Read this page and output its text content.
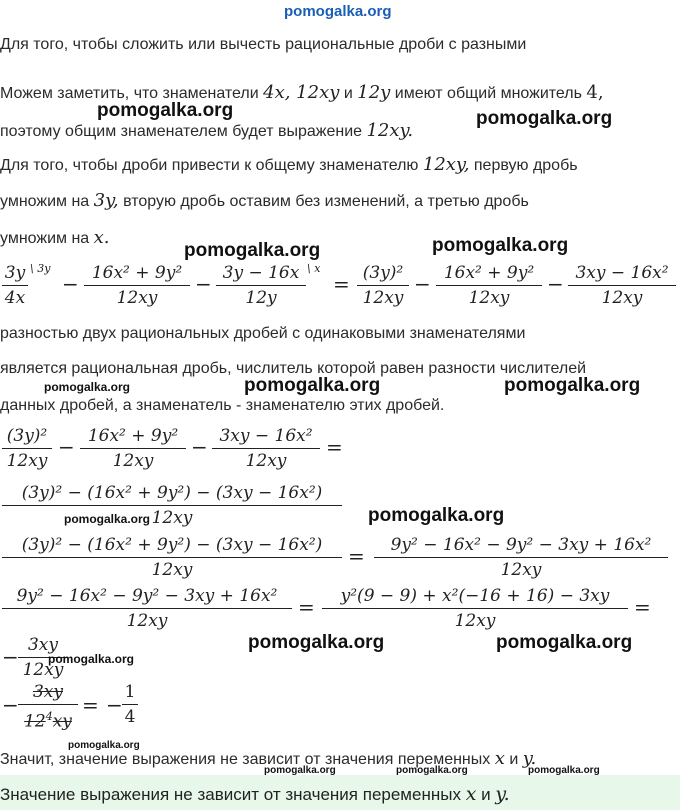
pomogalka.org
Для того, чтобы сложить или вычесть рациональные дроби с разными
Можем заметить, что знаменатели 4x, 12xy и 12y имеют общий множитель 4,
поэтому общим знаменателем будет выражение 12xy.
Для того, чтобы дроби привести к общему знаменателю 12xy, первую дробь
умножим на 3y, вторую дробь оставим без изменений, а третью дробь
умножим на x.
3y
4x
\ 3y
− 16x² + 9y²
12xy
− 3y − 16x
12y
\ x
= (3y)²
12xy
− 16x² + 9y²
12xy
− 3xy − 16x²
12xy
разностью двух рациональных дробей с одинаковыми знаменателями
является рациональная дробь, числитель которой равен разности числителей
данных дробей, а знаменатель - знаменателю этих дробей.
(3y)²
12xy
− 16x² + 9y²
12xy
− 3xy − 16x²
12xy
=
(3y)² − (16x² + 9y²) − (3xy − 16x²)
12xy
(3y)² − (16x² + 9y²) − (3xy − 16x²)
12xy
=	9y² − 16x² − 9y² − 3xy + 16x²
12xy
9y² − 16x² − 9y² − 3xy + 16x²
12xy
=	y²(9 − 9) + x²(−16 + 16) − 3xy
12xy
=
− 3xy
12xy
−
3xy
$12^4xy$
= −
1
4
Значит, значение выражения не зависит от значения переменных x и y.
Значение выражения не зависит от значения переменных x и y.
pomogalka.org	pomogalka.org
pomogalka.org	pomogalka.org
pomogalka.org	pomogalka.org	pomogalka.org
pomogalka.org	pomogalka.org
pomogalka.org	pomogalka.org
pomogalka.org
pomogalka.org
pomogalka.org	pomogalka.org	pomogalka.org
